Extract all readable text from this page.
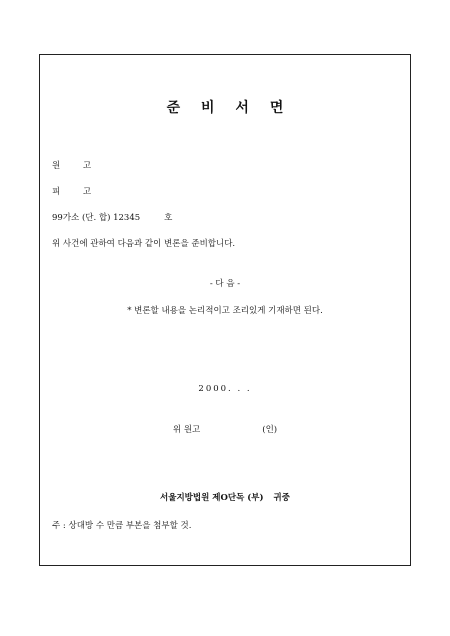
준 비 서 면
원 고
피 고
99가소 (단. 합) 12345	호
위 사건에 관하여 다음과 같이 변론을 준비합니다.
- 다 음 -
* 변론할 내용을 논리적이고 조리있게 기재하면 된다.
2000. . .
위 원고	(인)
서울지방법원 제O단독 (부) 귀중
주 : 상대방 수 만큼 부본을 첨부할 것.
